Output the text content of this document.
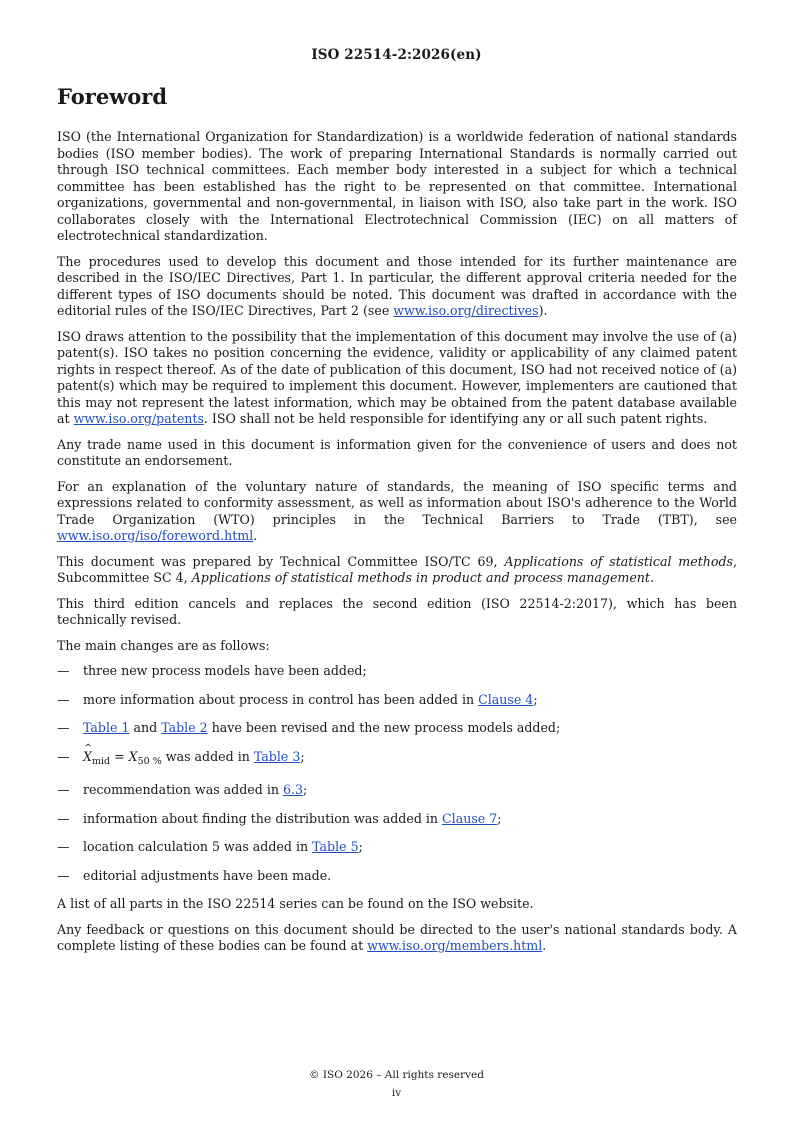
ISO 22514-2:2026(en)
Foreword

ISO (the International Organization for Standardization) is a worldwide federation of national standards bodies (ISO member bodies). The work of preparing International Standards is normally carried out through ISO technical committees. Each member body interested in a subject for which a technical committee has been established has the right to be represented on that committee. International organizations, governmental and non-governmental, in liaison with ISO, also take part in the work. ISO collaborates closely with the International Electrotechnical Commission (IEC) on all matters of electrotechnical standardization.

The procedures used to develop this document and those intended for its further maintenance are described in the ISO/IEC Directives, Part 1. In particular, the different approval criteria needed for the different types of ISO documents should be noted. This document was drafted in accordance with the editorial rules of the ISO/IEC Directives, Part 2 (see www.iso.org/directives).

ISO draws attention to the possibility that the implementation of this document may involve the use of (a) patent(s). ISO takes no position concerning the evidence, validity or applicability of any claimed patent rights in respect thereof. As of the date of publication of this document, ISO had not received notice of (a) patent(s) which may be required to implement this document. However, implementers are cautioned that this may not represent the latest information, which may be obtained from the patent database available at www.iso.org/patents. ISO shall not be held responsible for identifying any or all such patent rights.

Any trade name used in this document is information given for the convenience of users and does not constitute an endorsement.

For an explanation of the voluntary nature of standards, the meaning of ISO specific terms and expressions related to conformity assessment, as well as information about ISO's adherence to the World Trade Organization (WTO) principles in the Technical Barriers to Trade (TBT), see www.iso.org/iso/foreword.html.

This document was prepared by Technical Committee ISO/TC 69, Applications of statistical methods, Subcommittee SC 4, Applications of statistical methods in product and process management.

This third edition cancels and replaces the second edition (ISO 22514-2:2017), which has been technically revised.

The main changes are as follows:

— three new process models have been added;
— more information about process in control has been added in Clause 4;
— Table 1 and Table 2 have been revised and the new process models added;
—
^ $X_{mid} = X_{50 \%}$ was added in Table 3;
— recommendation was added in 6.3;
— information about finding the distribution was added in Clause 7;
— location calculation 5 was added in Table 5;
— editorial adjustments have been made.

A list of all parts in the ISO 22514 series can be found on the ISO website.

Any feedback or questions on this document should be directed to the user's national standards body. A complete listing of these bodies can be found at www.iso.org/members.html.

© ISO 2026 – All rights reserved
iv
